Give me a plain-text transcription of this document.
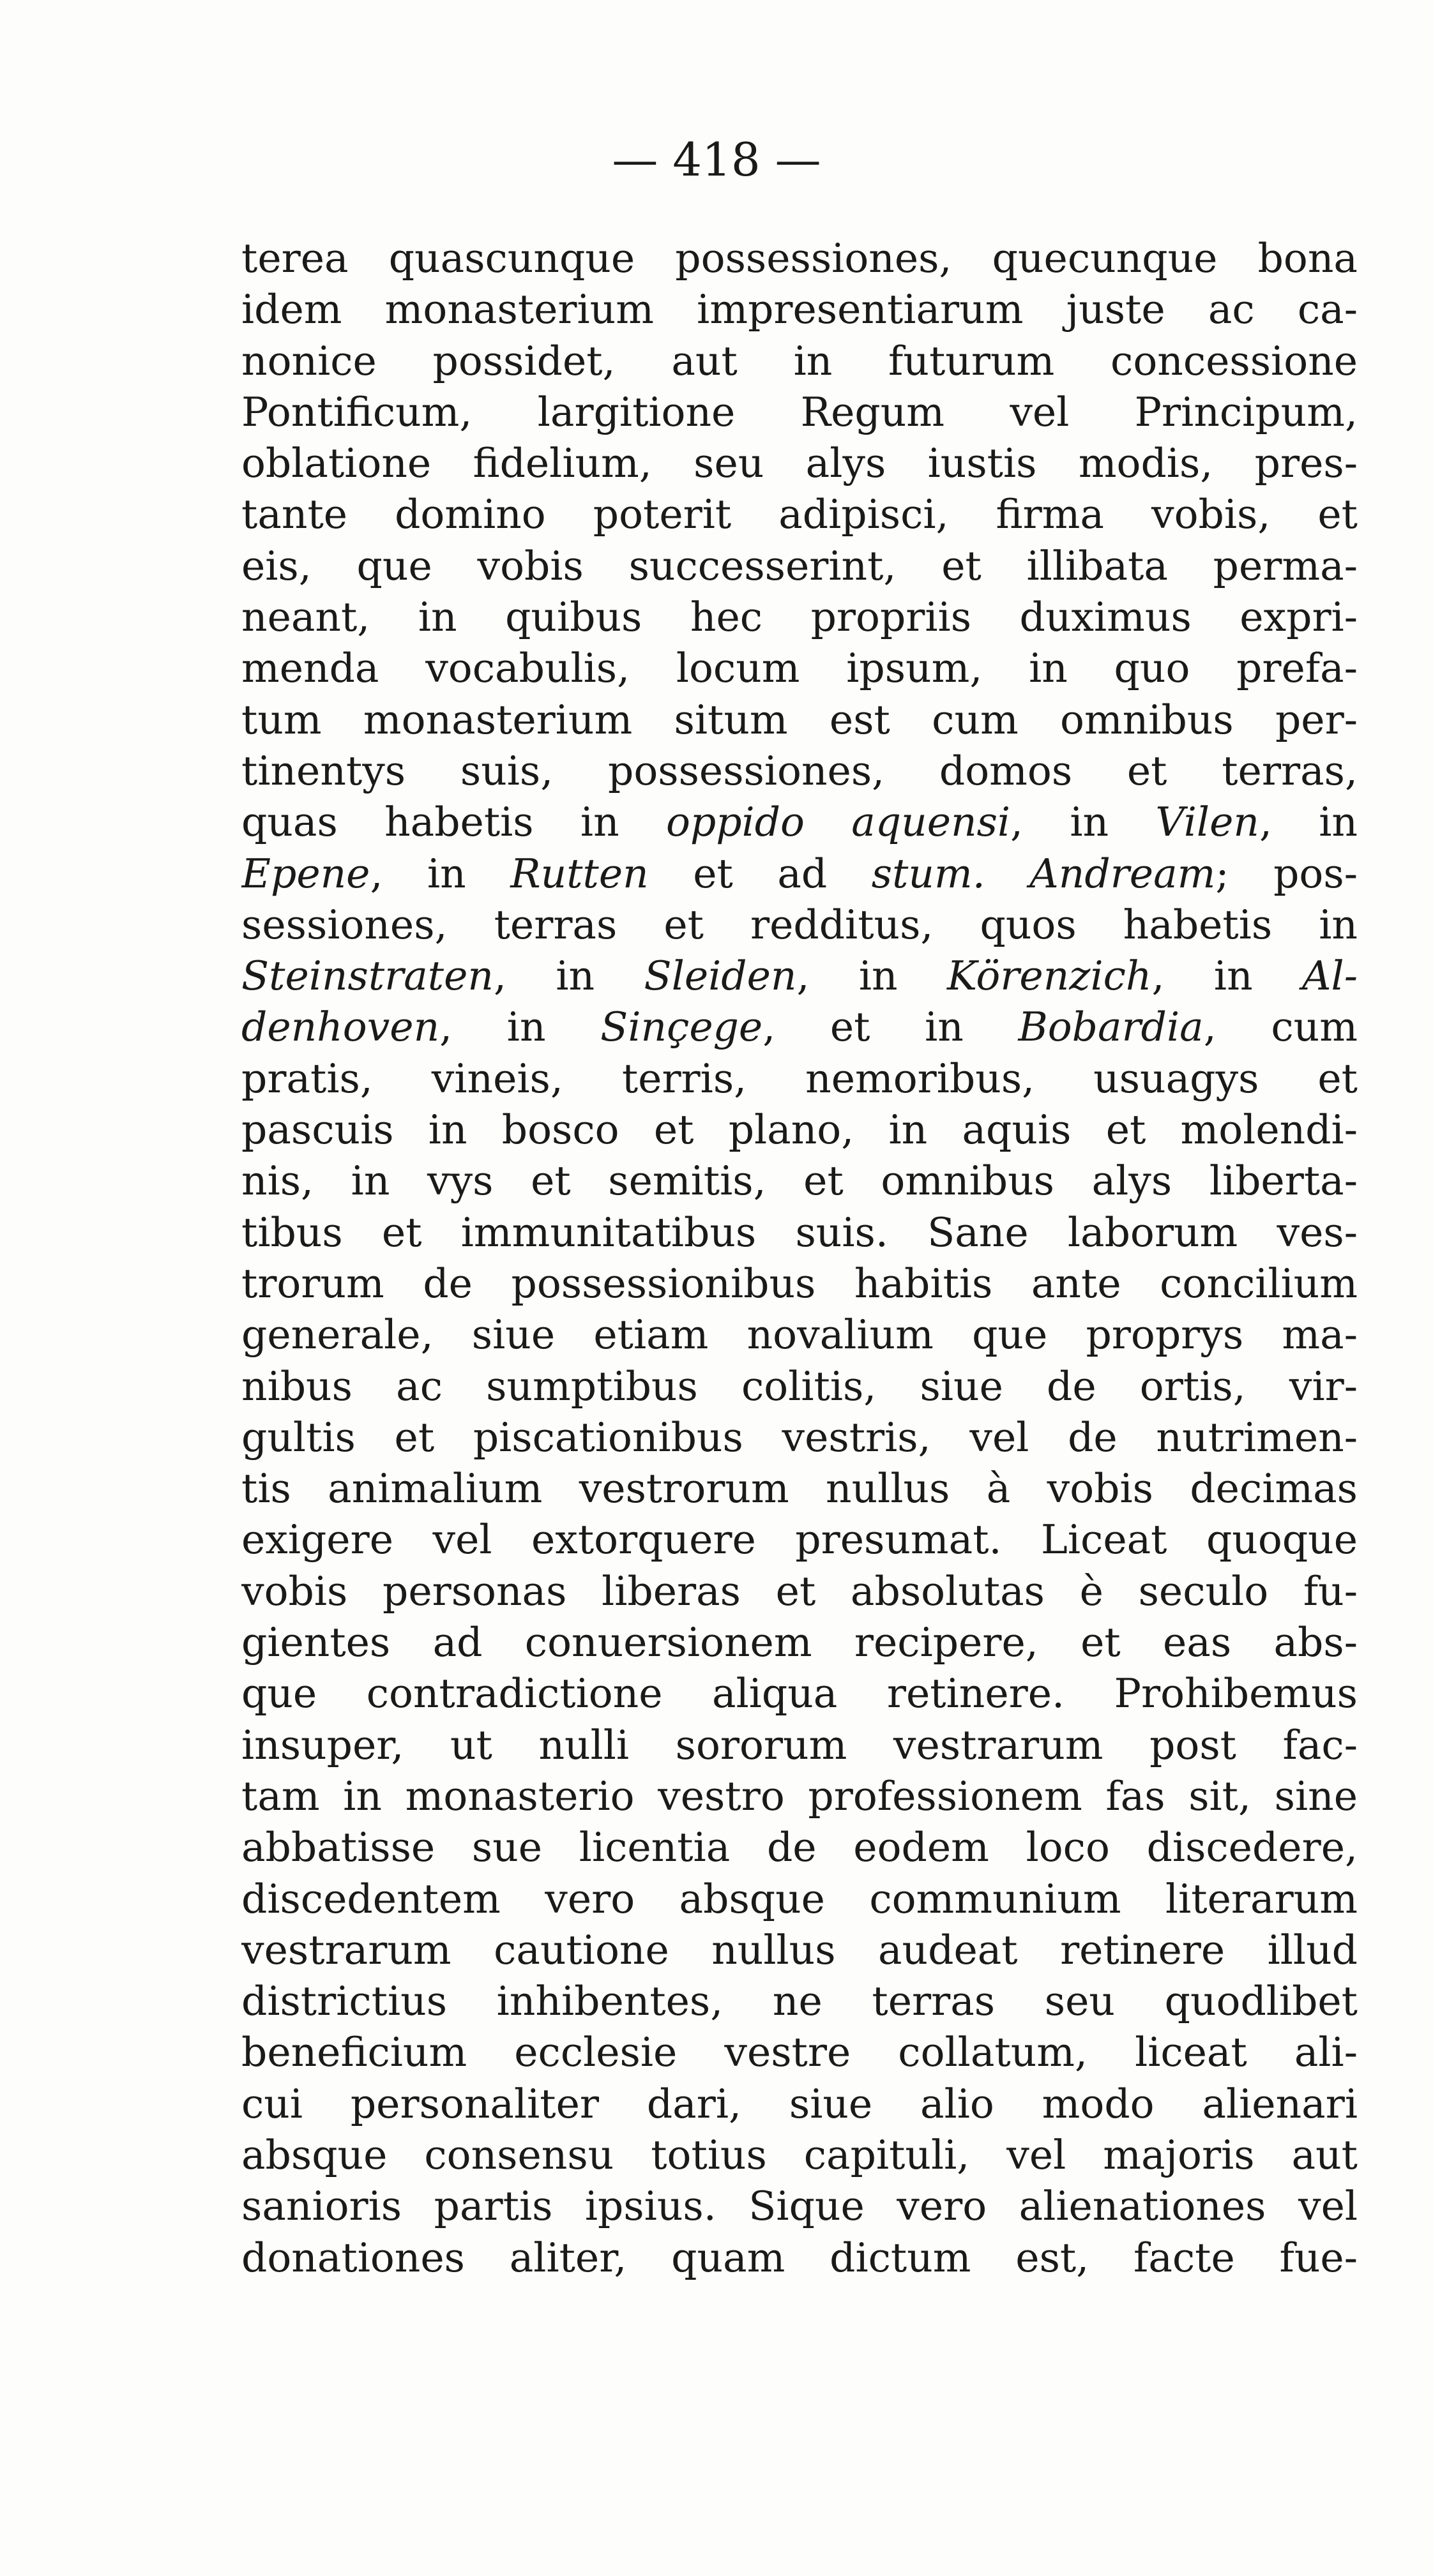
— 418 —
terea quascunque possessiones, quecunque bona
idem monasterium impresentiarum juste ac ca-
nonice possidet, aut in futurum concessione
Pontificum, largitione Regum vel Principum,
oblatione fidelium, seu alys iustis modis, pres-
tante domino poterit adipisci, firma vobis, et
eis, que vobis successerint, et illibata perma-
neant, in quibus hec propriis duximus expri-
menda vocabulis, locum ipsum, in quo prefa-
tum monasterium situm est cum omnibus per-
tinentys suis, possessiones, domos et terras,
quas habetis in oppido aquensi, in Vilen, in
Epene, in Rutten et ad stum. Andream; pos-
sessiones, terras et redditus, quos habetis in
Steinstraten, in Sleiden, in Körenzich, in Al-
denhoven, in Sinçege, et in Bobardia, cum
pratis, vineis, terris, nemoribus, usuagys et
pascuis in bosco et plano, in aquis et molendi-
nis, in vys et semitis, et omnibus alys liberta-
tibus et immunitatibus suis. Sane laborum ves-
trorum de possessionibus habitis ante concilium
generale, siue etiam novalium que proprys ma-
nibus ac sumptibus colitis, siue de ortis, vir-
gultis et piscationibus vestris, vel de nutrimen-
tis animalium vestrorum nullus à vobis decimas
exigere vel extorquere presumat. Liceat quoque
vobis personas liberas et absolutas è seculo fu-
gientes ad conuersionem recipere, et eas abs-
que contradictione aliqua retinere. Prohibemus
insuper, ut nulli sororum vestrarum post fac-
tam in monasterio vestro professionem fas sit, sine
abbatisse sue licentia de eodem loco discedere,
discedentem vero absque communium literarum
vestrarum cautione nullus audeat retinere illud
districtius inhibentes, ne terras seu quodlibet
beneficium ecclesie vestre collatum, liceat ali-
cui personaliter dari, siue alio modo alienari
absque consensu totius capituli, vel majoris aut
sanioris partis ipsius. Sique vero alienationes vel
donationes aliter, quam dictum est, facte fue-
